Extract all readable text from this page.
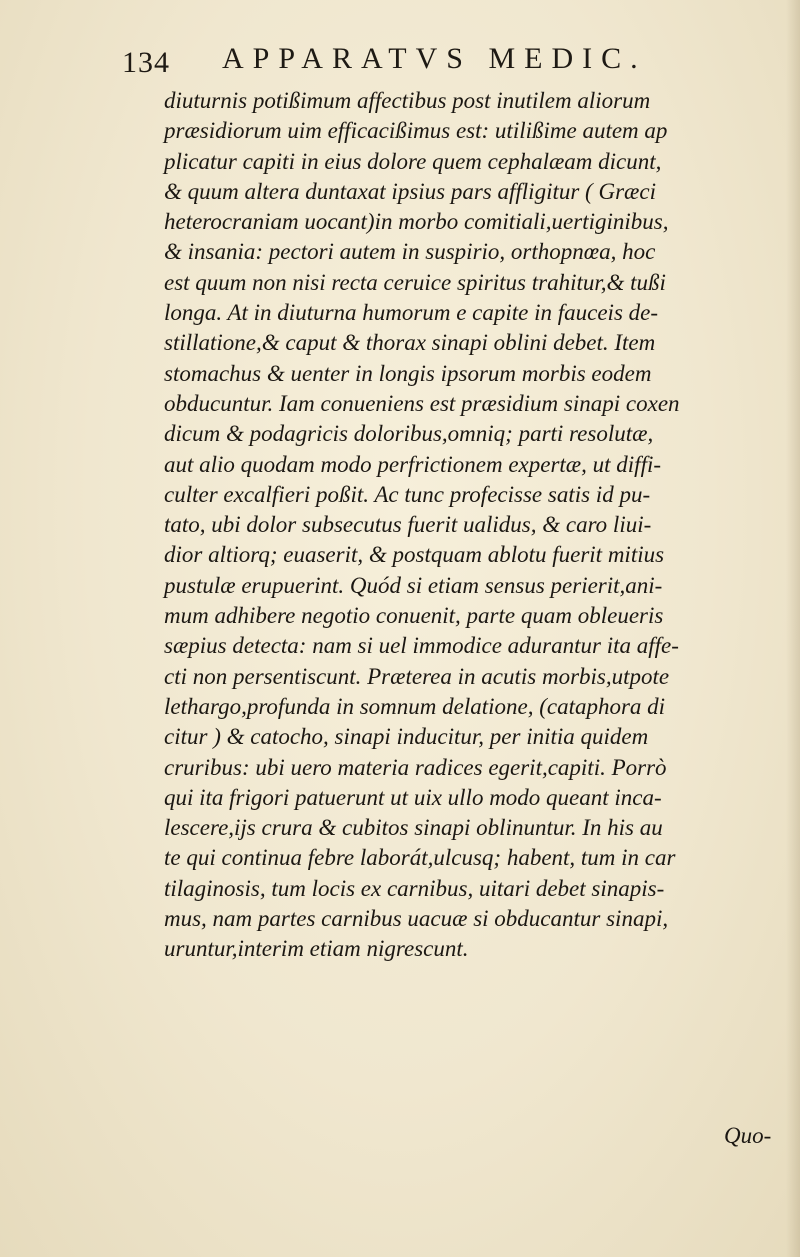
134 APPARATVS MEDIC.
diuturnis potißimum affectibus post inutilem aliorum
præsidiorum uim efficacißimus est: utilißime autem ap
plicatur capiti in eius dolore quem cephalæam dicunt,
& quum altera duntaxat ipsius pars affligitur ( Græci
heterocraniam uocant)in morbo comitiali,uertiginibus,
& insania: pectori autem in suspirio, orthopnœa, hoc
est quum non nisi recta ceruice spiritus trahitur,& tußi
longa. At in diuturna humorum e capite in fauceis de-
stillatione,& caput & thorax sinapi oblini debet. Item
stomachus & uenter in longis ipsorum morbis eodem
obducuntur. Iam conueniens est præsidium sinapi coxen
dicum & podagricis doloribus,omniq; parti resolutæ,
aut alio quodam modo perfrictionem expertæ, ut diffi-
culter excalfieri poßit. Ac tunc profecisse satis id pu-
tato, ubi dolor subsecutus fuerit ualidus, & caro liui-
dior altiorq; euaserit, & postquam ablotu fuerit mitius
pustulæ erupuerint. Quód si etiam sensus perierit,ani-
mum adhibere negotio conuenit, parte quam obleueris
sæpius detecta: nam si uel immodice adurantur ita affe-
cti non persentiscunt. Præterea in acutis morbis,utpote
lethargo,profunda in somnum delatione, (cataphora di
citur ) & catocho, sinapi inducitur, per initia quidem
cruribus: ubi uero materia radices egerit,capiti. Porrò
qui ita frigori patuerunt ut uix ullo modo queant inca-
lescere,ijs crura & cubitos sinapi oblinuntur. In his au
te qui continua febre laborát,ulcusq; habent, tum in car
tilaginosis, tum locis ex carnibus, uitari debet sinapis-
mus, nam partes carnibus uacuæ si obducantur sinapi,
uruntur,interim etiam nigrescunt.
Quo-
